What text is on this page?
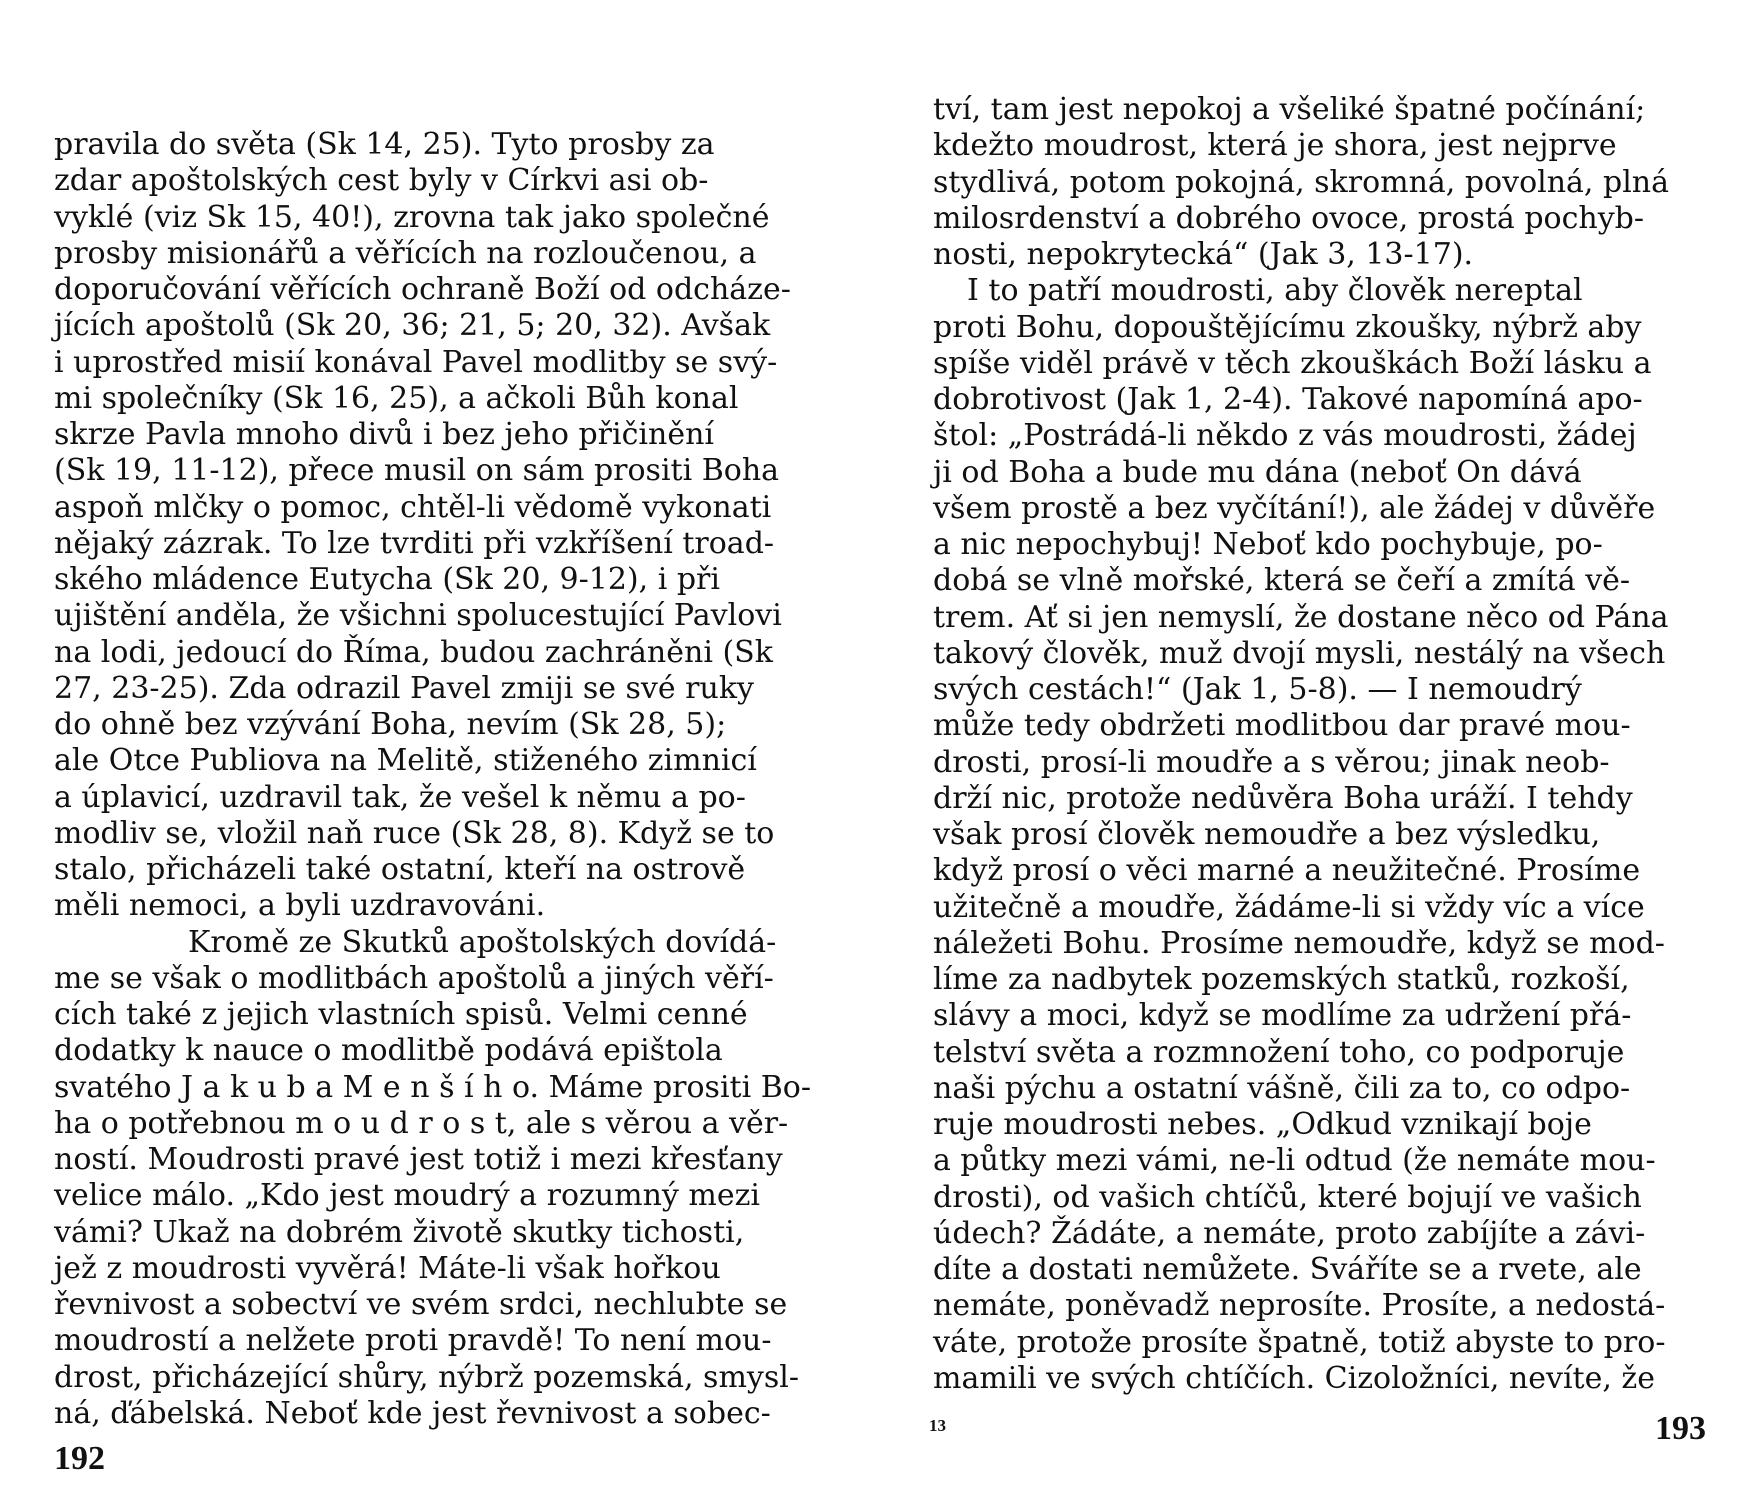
pravila do světa (Sk 14, 25). Tyto prosby za
zdar apoštolských cest byly v Církvi asi ob-
vyklé (viz Sk 15, 40!), zrovna tak jako společné
prosby misionářů a věřících na rozloučenou, a
doporučování věřících ochraně Boží od odcháze-
jících apoštolů (Sk 20, 36; 21, 5; 20, 32). Avšak
i uprostřed misií konával Pavel modlitby se svý-
mi společníky (Sk 16, 25), a ačkoli Bůh konal
skrze Pavla mnoho divů i bez jeho přičinění
(Sk 19, 11-12), přece musil on sám prositi Boha
aspoň mlčky o pomoc, chtěl-li vědomě vykonati
nějaký zázrak. To lze tvrditi při vzkříšení troad-
ského mládence Eutycha (Sk 20, 9-12), i při
ujištění anděla, že všichni spolucestující Pavlovi
na lodi, jedoucí do Říma, budou zachráněni (Sk
27, 23-25). Zda odrazil Pavel zmiji se své ruky
do ohně bez vzývání Boha, nevím (Sk 28, 5);
ale Otce Publiova na Melitě, stiženého zimnicí
a úplavicí, uzdravil tak, že vešel k němu a po-
modliv se, vložil naň ruce (Sk 28, 8). Když se to
stalo, přicházeli také ostatní, kteří na ostrově
měli nemoci, a byli uzdravováni.
Kromě ze Skutků apoštolských dovídá-
me se však o modlitbách apoštolů a jiných věří-
cích také z jejich vlastních spisů. Velmi cenné
dodatky k nauce o modlitbě podává epištola
svatého J a k u b a M e n š í h o. Máme prositi Bo-
ha o potřebnou m o u d r o s t, ale s věrou a věr-
ností. Moudrosti pravé jest totiž i mezi křesťany
velice málo. „Kdo jest moudrý a rozumný mezi
vámi? Ukaž na dobrém životě skutky tichosti,
jež z moudrosti vyvěrá! Máte-li však hořkou
řevnivost a sobectví ve svém srdci, nechlubte se
moudrostí a nelžete proti pravdě! To není mou-
drost, přicházející shůry, nýbrž pozemská, smysl-
ná, ďábelská. Neboť kde jest řevnivost a sobec-
192
tví, tam jest nepokoj a všeliké špatné počínání;
kdežto moudrost, která je shora, jest nejprve
stydlivá, potom pokojná, skromná, povolná, plná
milosrdenství a dobrého ovoce, prostá pochyb-
nosti, nepokrytecká“ (Jak 3, 13-17).
I to patří moudrosti, aby člověk nereptal
proti Bohu, dopouštějícímu zkoušky, nýbrž aby
spíše viděl právě v těch zkouškách Boží lásku a
dobrotivost (Jak 1, 2-4). Takové napomíná apo-
štol: „Postrádá-li někdo z vás moudrosti, žádej
ji od Boha a bude mu dána (neboť On dává
všem prostě a bez vyčítání!), ale žádej v důvěře
a nic nepochybuj! Neboť kdo pochybuje, po-
dobá se vlně mořské, která se čeří a zmítá vě-
trem. Ať si jen nemyslí, že dostane něco od Pána
takový člověk, muž dvojí mysli, nestálý na všech
svých cestách!“ (Jak 1, 5-8). — I nemoudrý
může tedy obdržeti modlitbou dar pravé mou-
drosti, prosí-li moudře a s věrou; jinak neob-
drží nic, protože nedůvěra Boha uráží. I tehdy
však prosí člověk nemoudře a bez výsledku,
když prosí o věci marné a neužitečné. Prosíme
užitečně a moudře, žádáme-li si vždy víc a více
náležeti Bohu. Prosíme nemoudře, když se mod-
líme za nadbytek pozemských statků, rozkoší,
slávy a moci, když se modlíme za udržení přá-
telství světa a rozmnožení toho, co podporuje
naši pýchu a ostatní vášně, čili za to, co odpo-
ruje moudrosti nebes. „Odkud vznikají boje
a půtky mezi vámi, ne-li odtud (že nemáte mou-
drosti), od vašich chtíčů, které bojují ve vašich
údech? Žádáte, a nemáte, proto zabíjíte a závi-
díte a dostati nemůžete. Sváříte se a rvete, ale
nemáte, poněvadž neprosíte. Prosíte, a nedostá-
váte, protože prosíte špatně, totiž abyste to pro-
mamili ve svých chtíčích. Cizoložníci, nevíte, že
13	193
